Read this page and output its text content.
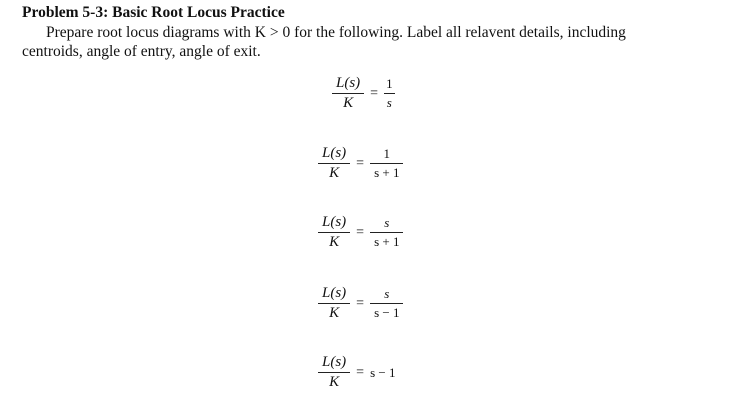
Problem 5-3: Basic Root Locus Practice
Prepare root locus diagrams with K > 0 for the following. Label all relavent details, including
centroids, angle of entry, angle of exit.
$\frac{L(s)}{K} = \frac{1}{s}$
$\frac{L(s)}{K} = \frac{1}{s + 1}$
$\frac{L(s)}{K} = \frac{s}{s + 1}$
$\frac{L(s)}{K} = \frac{s}{s - 1}$
$\frac{L(s)}{K} = s - 1$
